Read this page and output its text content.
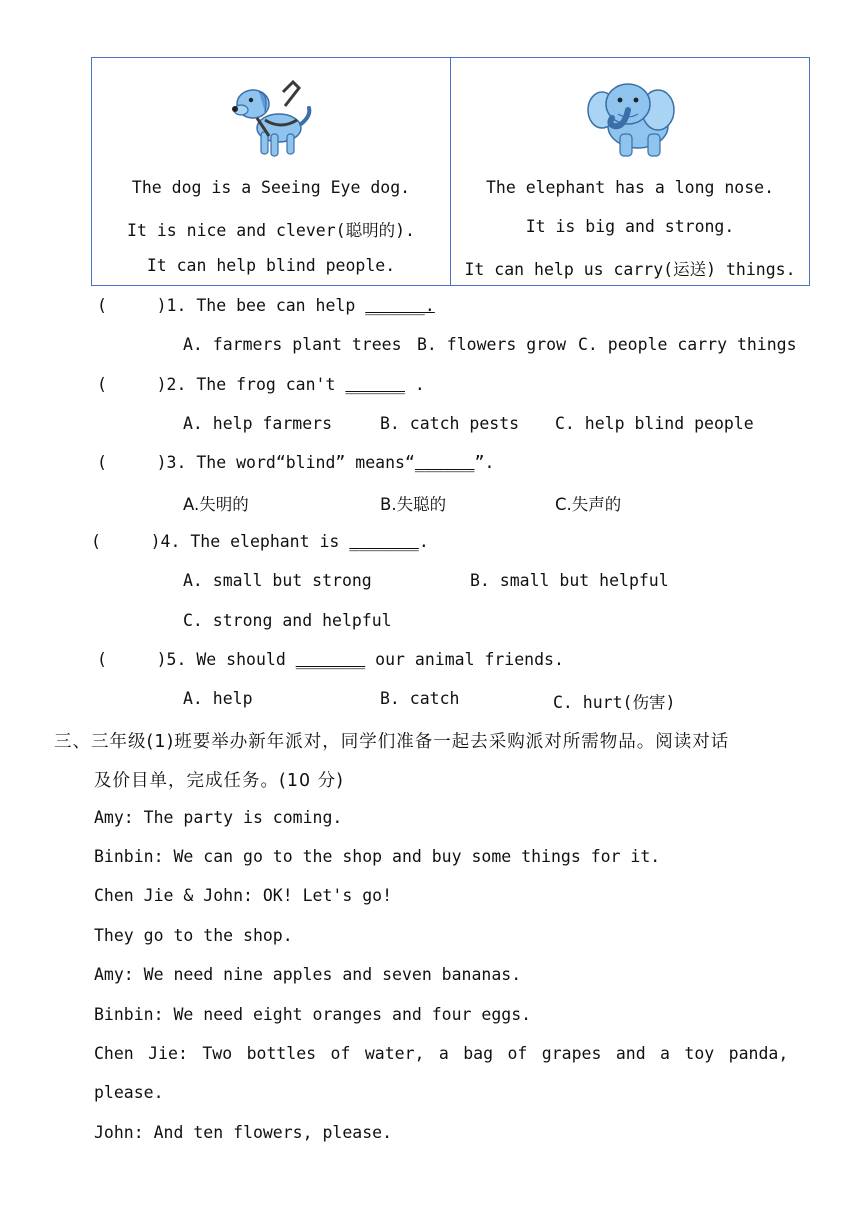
The dog is a Seeing Eye dog.
It is nice and clever(聪明的).
It can help blind people.
The elephant has a long nose.
It is big and strong.
It can help us carry(运送) things.
(     )1. The bee can help ______.
A. farmers plant trees B. flowers grow C. people carry things
(     )2. The frog can't ______ .
A. help farmers	B. catch pests C. help blind people
(     )3. The word“blind” means“______”.
A.失明的	B.失聪的	C.失声的
(     )4. The elephant is _______.
A. small but strong	B. small but helpful
C. strong and helpful
(     )5. We should _______ our animal friends.
A. help	B. catch	C. hurt(伤害)
三、三年级(1)班要举办新年派对，同学们准备一起去采购派对所需物品。阅读对话
及价目单，完成任务。(10 分)
Amy: The party is coming.
Binbin: We can go to the shop and buy some things for it.
Chen Jie & John: OK! Let's go!
They go to the shop.
Amy: We need nine apples and seven bananas.
Binbin: We need eight oranges and four eggs.
Chen Jie: Two bottles of water, a bag of grapes and a toy panda,
please.
John: And ten flowers, please.
